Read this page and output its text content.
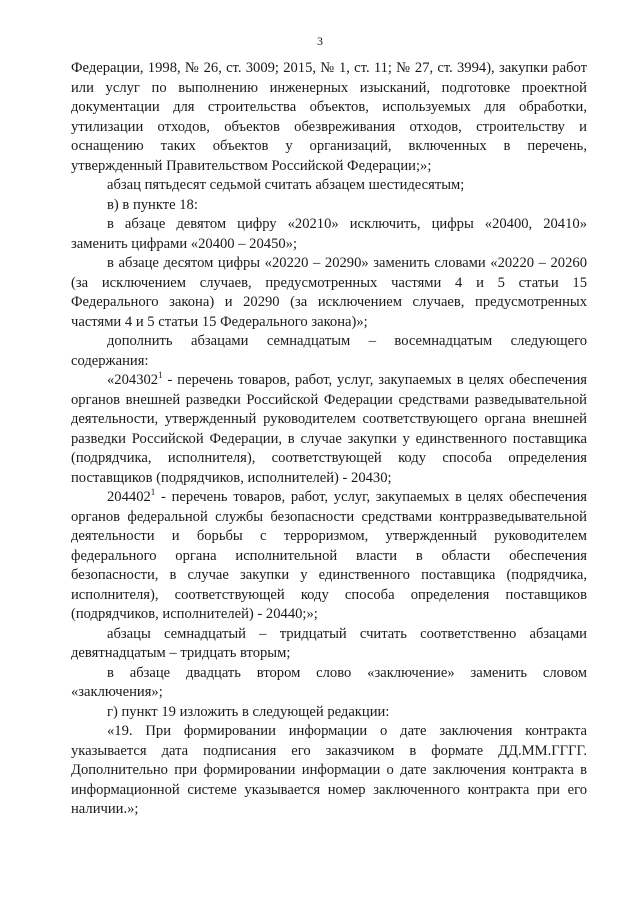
3

Федерации, 1998, № 26, ст. 3009; 2015, № 1, ст. 11; № 27, ст. 3994), закупки работ или услуг по выполнению инженерных изысканий, подготовке проектной документации для строительства объектов, используемых для обработки, утилизации отходов, объектов обезвреживания отходов, строительству и оснащению таких объектов у организаций, включенных в перечень, утвержденный Правительством Российской Федерации;»;

абзац пятьдесят седьмой считать абзацем шестидесятым;

в) в пункте 18:

в абзаце девятом цифру «20210» исключить, цифры «20400, 20410» заменить цифрами «20400 – 20450»;

в абзаце десятом цифры «20220 – 20290» заменить словами «20220 – 20260 (за исключением случаев, предусмотренных частями 4 и 5 статьи 15 Федерального закона) и 20290 (за исключением случаев, предусмотренных частями 4 и 5 статьи 15 Федерального закона)»;

дополнить абзацами семнадцатым – восемнадцатым следующего содержания:

«204302$^1$ - перечень товаров, работ, услуг, закупаемых в целях обеспечения органов внешней разведки Российской Федерации средствами разведывательной деятельности, утвержденный руководителем соответствующего органа внешней разведки Российской Федерации, в случае закупки у единственного поставщика (подрядчика, исполнителя), соответствующей коду способа определения поставщиков (подрядчиков, исполнителей) - 20430;

204402$^1$ - перечень товаров, работ, услуг, закупаемых в целях обеспечения органов федеральной службы безопасности средствами контрразведывательной деятельности и борьбы с терроризмом, утвержденный руководителем федерального органа исполнительной власти в области обеспечения безопасности, в случае закупки у единственного поставщика (подрядчика, исполнителя), соответствующей коду способа определения поставщиков (подрядчиков, исполнителей) - 20440;»;

абзацы семнадцатый – тридцатый считать соответственно абзацами девятнадцатым – тридцать вторым;

в абзаце двадцать втором слово «заключение» заменить словом «заключения»;

г) пункт 19 изложить в следующей редакции:

«19. При формировании информации о дате заключения контракта указывается дата подписания его заказчиком в формате ДД.ММ.ГГГГ. Дополнительно при формировании информации о дате заключения контракта в информационной системе указывается номер заключенного контракта при его наличии.»;
